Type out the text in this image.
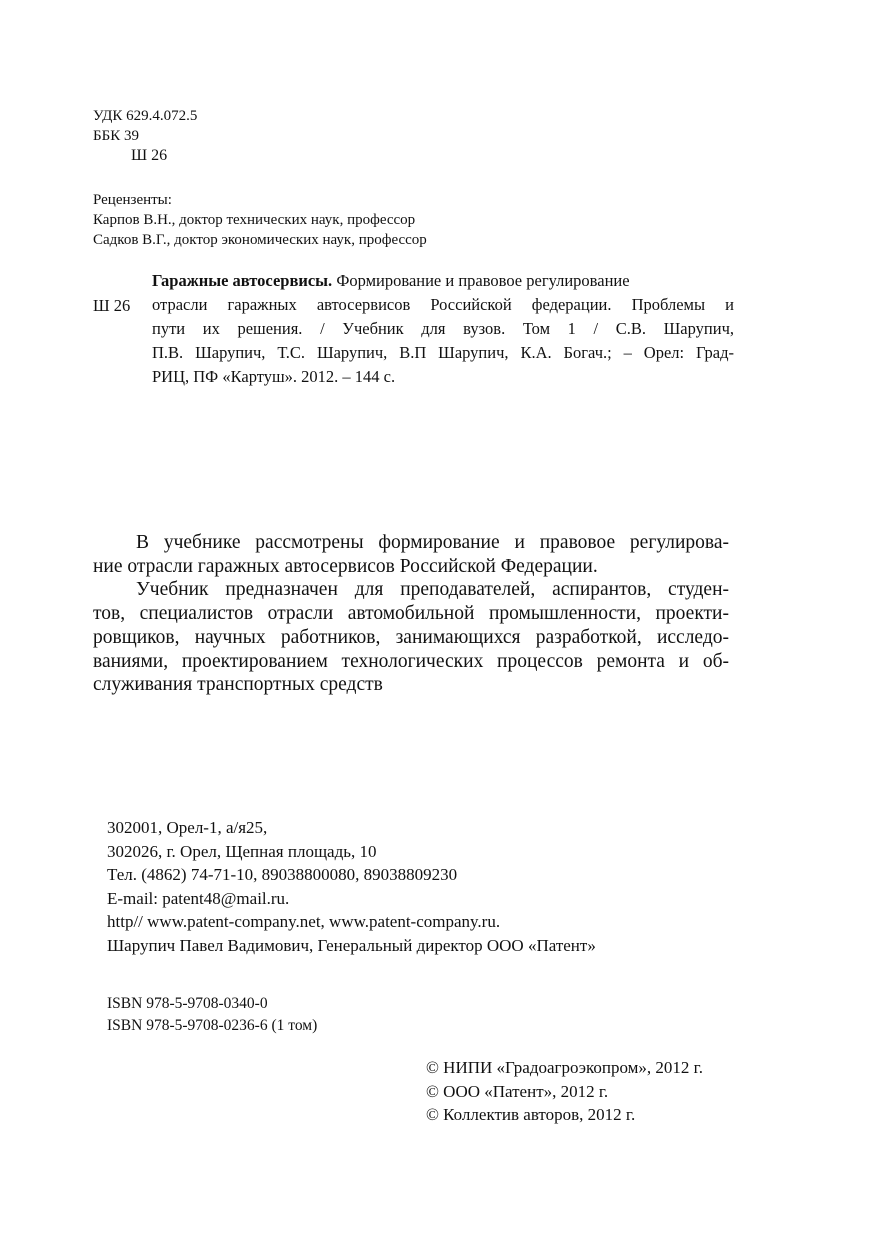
УДК 629.4.072.5
ББК 39
Ш 26
Рецензенты:
Карпов В.Н., доктор технических наук, профессор
Садков В.Г., доктор экономических наук, профессор
Ш 26
Гаражные автосервисы. Формирование и правовое регулирование
отрасли гаражных автосервисов Российской федерации. Проблемы и
пути их решения. / Учебник для вузов. Том 1 / С.В. Шарупич,
П.В. Шарупич, Т.С. Шарупич, В.П Шарупич, К.А. Богач.; – Орел: Град-
РИЦ, ПФ «Картуш». 2012. – 144 с.
В учебнике рассмотрены формирование и правовое регулирова-
ние отрасли гаражных автосервисов Российской Федерации.
Учебник предназначен для преподавателей, аспирантов, студен-
тов, специалистов отрасли автомобильной промышленности, проекти-
ровщиков, научных работников, занимающихся разработкой, исследо-
ваниями, проектированием технологических процессов ремонта и об-
служивания транспортных средств
302001, Орел-1, а/я25,
302026, г. Орел, Щепная площадь, 10
Тел. (4862) 74-71-10, 89038800080, 89038809230
E-mail: patent48@mail.ru.
http// www.patent-company.net, www.patent-company.ru.
Шарупич Павел Вадимович, Генеральный директор ООО «Патент»
ISBN 978-5-9708-0340-0
ISBN 978-5-9708-0236-6 (1 том)
© НИПИ «Градоагроэкопром», 2012 г.
© ООО «Патент», 2012 г.
© Коллектив авторов, 2012 г.
